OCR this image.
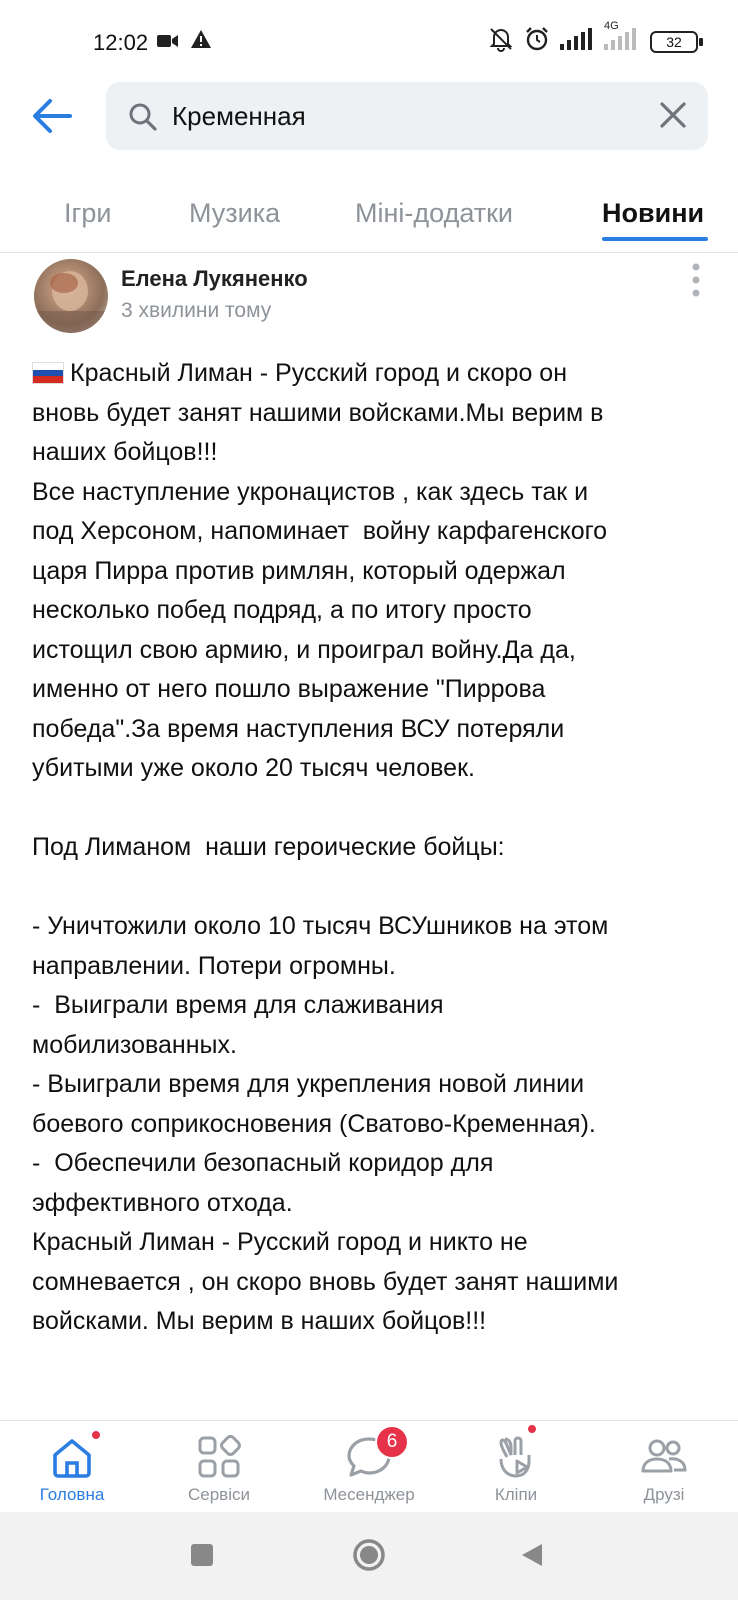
12:02
4G
32
Кременная
Ігри	Музика	Міні-додатки	Новини
Елена Лукяненко
3 хвилини тому

Красный Лиман - Русский город и скоро он

вновь будет занят нашими войсками.Мы верим в

наших бойцов!!!

Все наступление укронацистов , как здесь так и

под Херсоном, напоминает  войну карфагенского

царя Пирра против римлян, который одержал

несколько побед подряд, а по итогу просто

истощил свою армию, и проиграл войну.Да да,

именно от него пошло выражение "Пиррова

победа".За время наступления ВСУ потеряли

убитыми уже около 20 тысяч человек.

Под Лиманом  наши героические бойцы:

- Уничтожили около 10 тысяч ВСУшников на этом

направлении. Потери огромны.

-  Выиграли время для слаживания

мобилизованных.

- Выиграли время для укрепления новой линии

боевого соприкосновения (Сватово-Кременная).

-  Обеспечили безопасный коридор для

эффективного отхода.

Красный Лиман - Русский город и никто не

сомневается , он скоро вновь будет занят нашими

войсками. Мы верим в наших бойцов!!!

Головна	Сервіси
6
Месенджер	Кліпи	Друзі
